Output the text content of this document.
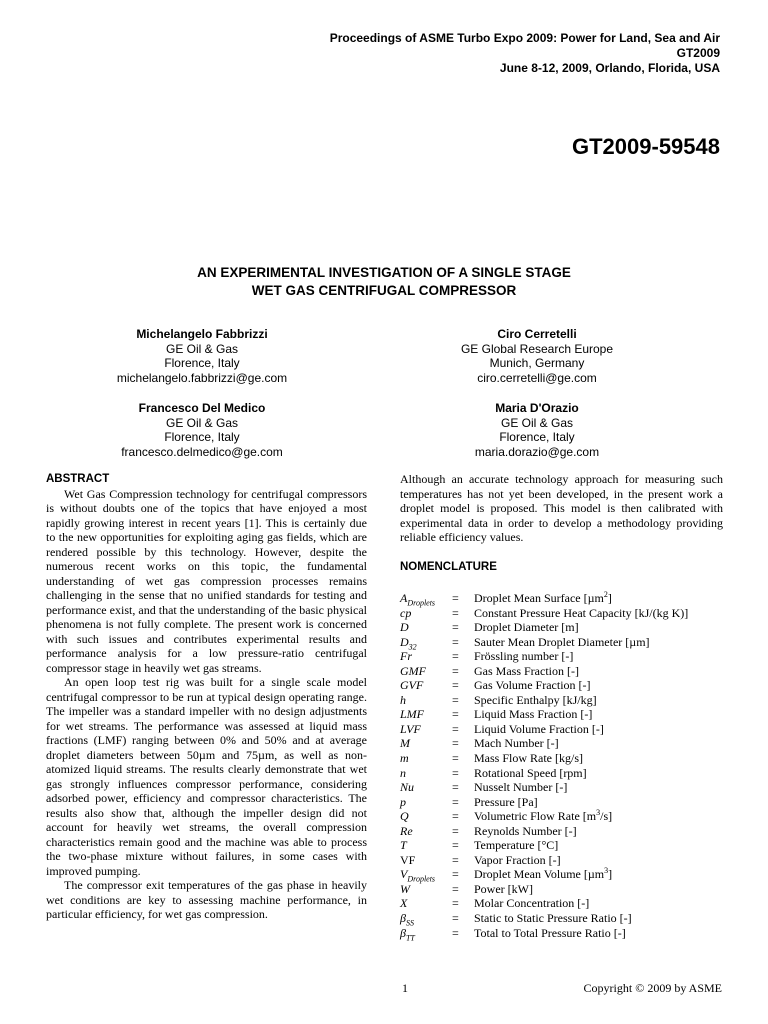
Proceedings of ASME Turbo Expo 2009: Power for Land, Sea and Air
GT2009
June 8-12, 2009, Orlando, Florida, USA
GT2009-59548
AN EXPERIMENTAL INVESTIGATION OF A SINGLE STAGE
WET GAS CENTRIFUGAL COMPRESSOR
Michelangelo Fabbrizzi
GE Oil & Gas
Florence, Italy
michelangelo.fabbrizzi@ge.com
Ciro Cerretelli
GE Global Research Europe
Munich, Germany
ciro.cerretelli@ge.com
Francesco Del Medico
GE Oil & Gas
Florence, Italy
francesco.delmedico@ge.com
Maria D'Orazio
GE Oil & Gas
Florence, Italy
maria.dorazio@ge.com
ABSTRACT

Wet Gas Compression technology for centrifugal compressors is without doubts one of the topics that have enjoyed a most rapidly growing interest in recent years [1]. This is certainly due to the new opportunities for exploiting aging gas fields, which are rendered possible by this technology. However, despite the numerous recent works on this topic, the fundamental understanding of wet gas compression processes remains challenging in the sense that no unified standards for testing and performance exist, and that the understanding of the basic physical phenomena is not fully complete. The present work is concerned with such issues and contributes experimental results and performance analysis for a low pressure-ratio centrifugal compressor stage in heavily wet gas streams.

An open loop test rig was built for a single scale model centrifugal compressor to be run at typical design operating range. The impeller was a standard impeller with no design adjustments for wet streams. The performance was assessed at liquid mass fractions (LMF) ranging between 0% and 50% and at average droplet diameters between 50µm and 75µm, as well as non-atomized liquid streams. The results clearly demonstrate that wet gas strongly influences compressor performance, considering adsorbed power, efficiency and compressor characteristics. The results also show that, although the impeller design did not account for heavily wet streams, the overall compression characteristics remain good and the machine was able to process the two-phase mixture without failures, in some cases with improved pumping.

The compressor exit temperatures of the gas phase in heavily wet conditions are key to assessing machine performance, in particular efficiency, for wet gas compression.

Although an accurate technology approach for measuring such temperatures has not yet been developed, in the present work a droplet model is proposed. This model is then calibrated with experimental data in order to develop a methodology providing reliable efficiency values.

NOMENCLATURE
$A_{Droplets}$	=	Droplet Mean Surface [µm$^2$]
cp	=	Constant Pressure Heat Capacity [kJ/(kg K)]
D	=	Droplet Diameter [m]
$D_{32}$	=	Sauter Mean Droplet Diameter [µm]
Fr	=	Frössling number [-]
GMF	=	Gas Mass Fraction [-]
GVF	=	Gas Volume Fraction [-]
h	=	Specific Enthalpy [kJ/kg]
LMF	=	Liquid Mass Fraction [-]
LVF	=	Liquid Volume Fraction [-]
M	=	Mach Number [-]
m	=	Mass Flow Rate [kg/s]
n	=	Rotational Speed [rpm]
Nu	=	Nusselt Number [-]
p	=	Pressure [Pa]
Q	=	Volumetric Flow Rate $[m^3/s]$
Re	=	Reynolds Number [-]
T	=	Temperature [°C]
VF	=	Vapor Fraction [-]
$V_{Droplets}$	=	Droplet Mean Volume [µm$^3$]
W	=	Power [kW]
X	=	Molar Concentration [-]
$\beta_{SS}$	=	Static to Static Pressure Ratio [-]
$\beta_{TT}$	=	Total to Total Pressure Ratio [-]
1	Copyright © 2009 by ASME
